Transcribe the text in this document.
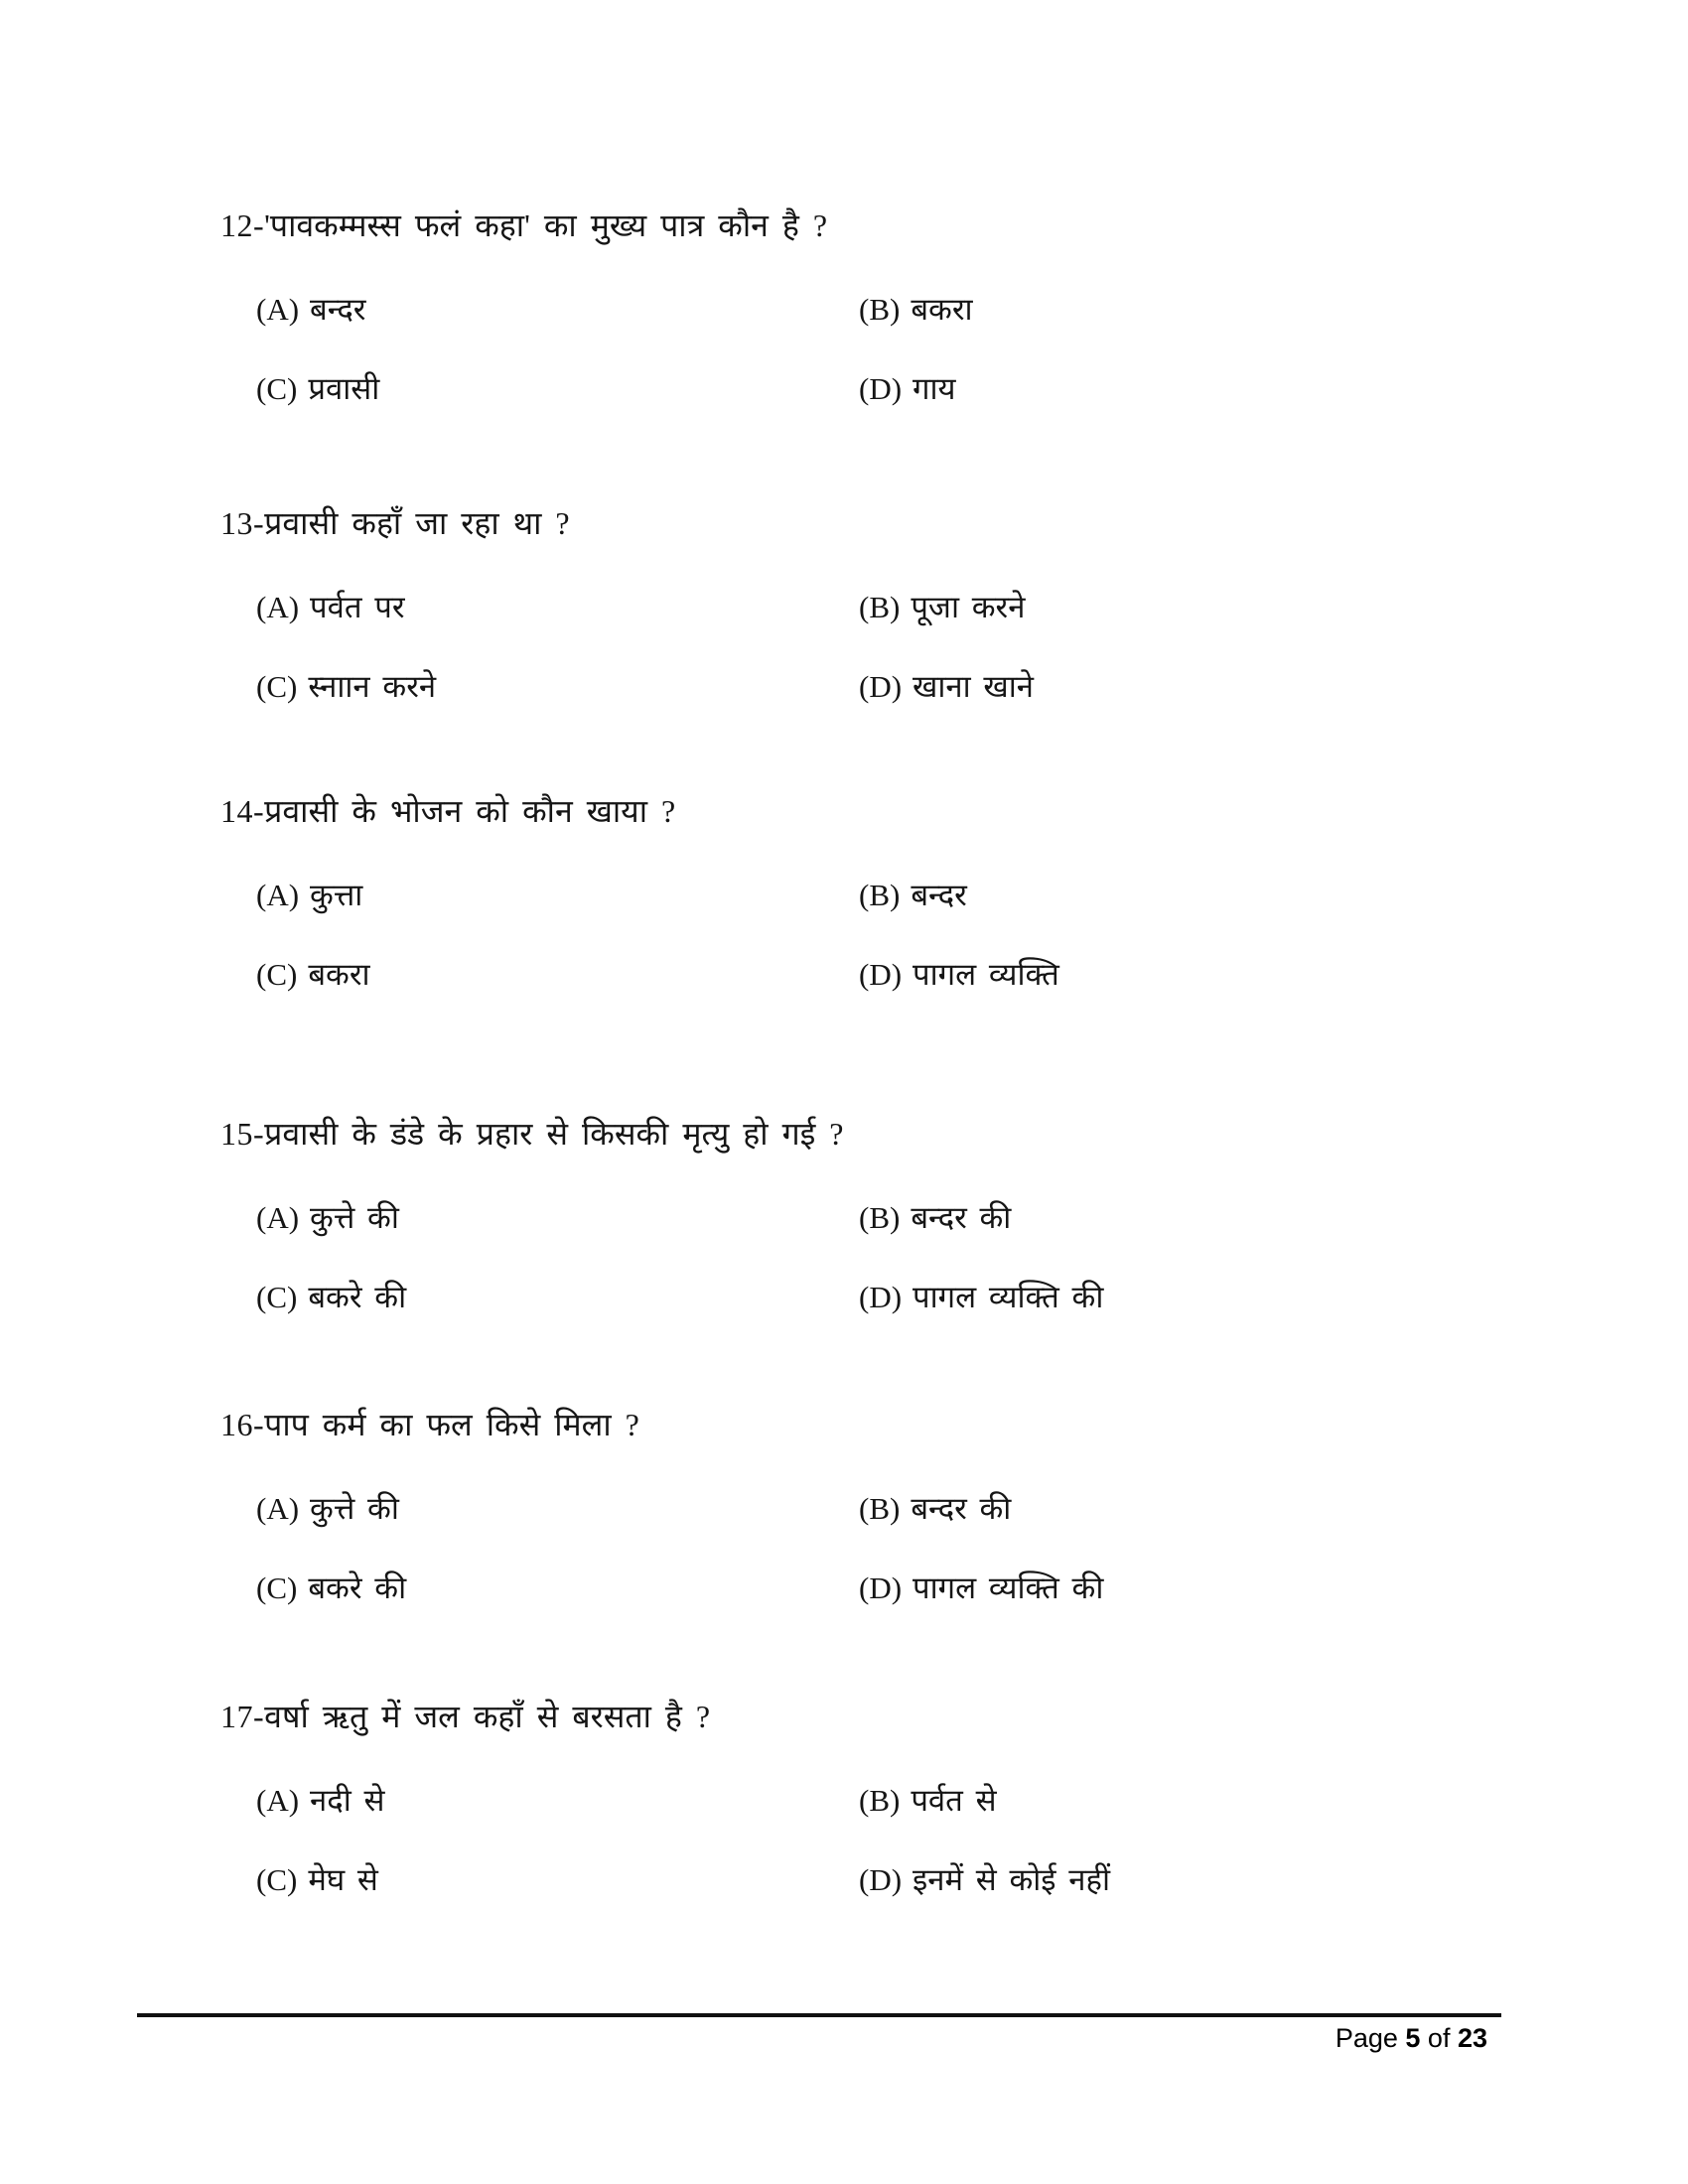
12-'पावकम्मस्स फलं कहा' का मुख्य पात्र कौन है ?
(A) बन्दर	(B) बकरा
(C) प्रवासी	(D) गाय
13-प्रवासी कहाँ जा रहा था ?
(A) पर्वत पर	(B) पूजा करने
(C) स्नाान करने	(D) खाना खाने
14-प्रवासी के भोजन को कौन खाया ?
(A) कुत्ता	(B) बन्दर
(C) बकरा	(D) पागल व्यक्ति
15-प्रवासी के डंडे के प्रहार से किसकी मृत्यु हो गई ?
(A) कुत्ते की	(B) बन्दर की
(C) बकरे की	(D) पागल व्यक्ति की
16-पाप कर्म का फल किसे मिला ?
(A) कुत्ते की	(B) बन्दर की
(C) बकरे की	(D) पागल व्यक्ति की
17-वर्षा ऋतु में जल कहाँ से बरसता है ?
(A) नदी से	(B) पर्वत से
(C) मेघ से	(D) इनमें से कोई नहीं
Page 5 of 23
